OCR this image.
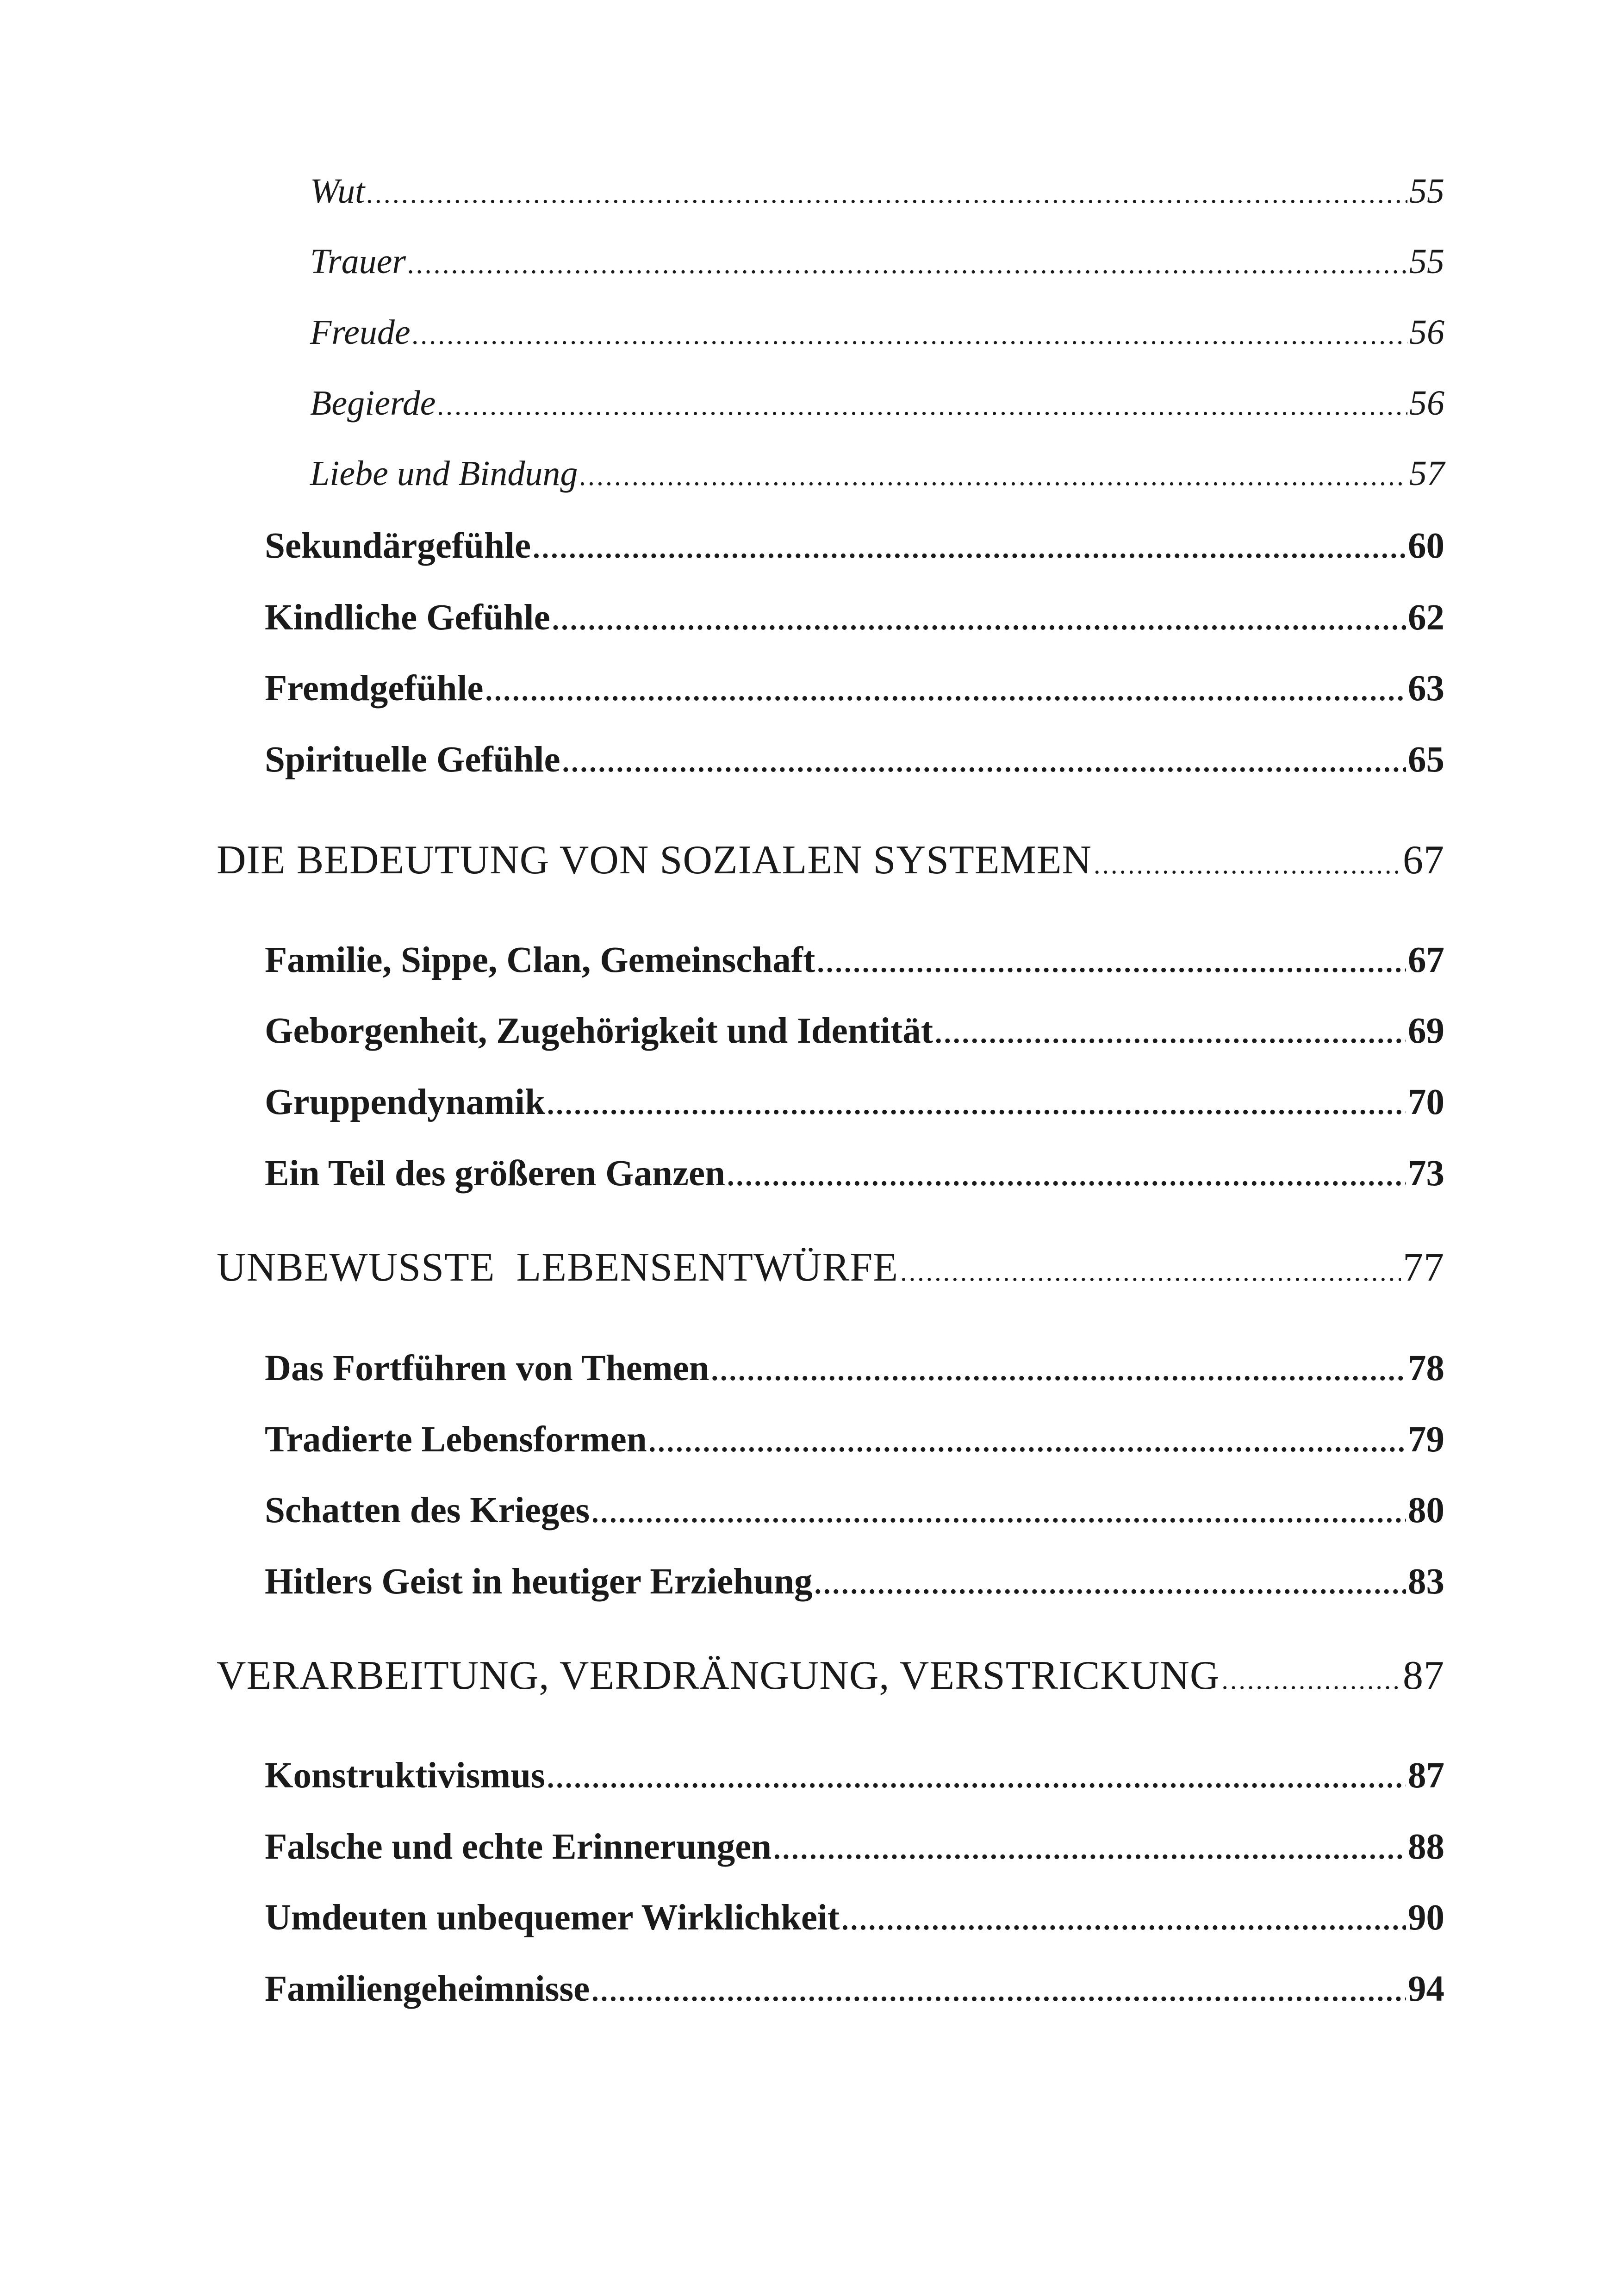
Wut .....	55
Trauer .....	55
Freude .....	56
Begierde .....	56
Liebe und Bindung .....	57
Sekundärgefühle .....	60
Kindliche Gefühle .....	62
Fremdgefühle .....	63
Spirituelle Gefühle .....	65
DIE BEDEUTUNG VON SOZIALEN SYSTEMEN .....	67
Familie, Sippe, Clan, Gemeinschaft .....	67
Geborgenheit, Zugehörigkeit und Identität .....	69
Gruppendynamik .....	70
Ein Teil des größeren Ganzen .....	73
UNBEWUSSTE  LEBENSENTWÜRFE .....	77
Das Fortführen von Themen .....	78
Tradierte Lebensformen .....	79
Schatten des Krieges .....	80
Hitlers Geist in heutiger Erziehung .....	83
VERARBEITUNG, VERDRÄNGUNG, VERSTRICKUNG .....	87
Konstruktivismus .....	87
Falsche und echte Erinnerungen .....	88
Umdeuten unbequemer Wirklichkeit .....	90
Familiengeheimnisse .....	94
